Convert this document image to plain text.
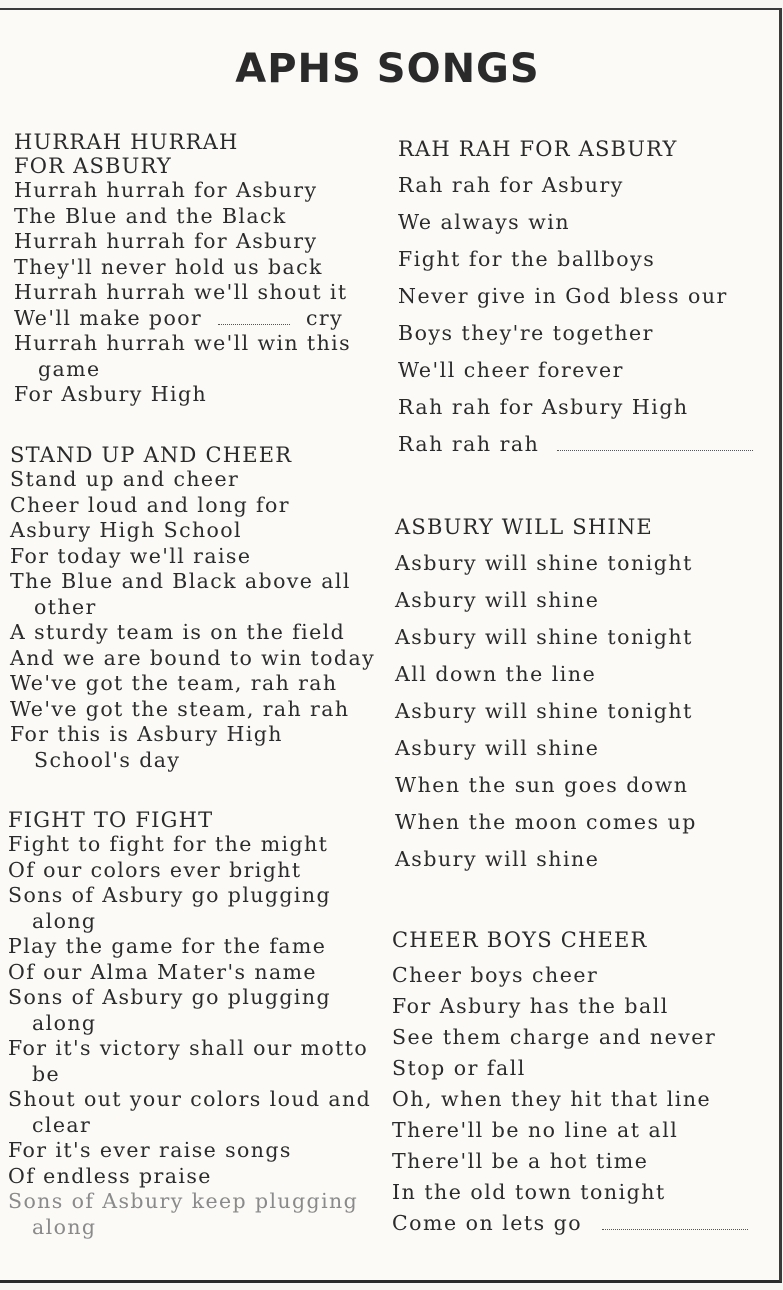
APHS SONGS
HURRAH HURRAH
FOR ASBURY
Hurrah hurrah for Asbury
The Blue and the Black
Hurrah hurrah for Asbury
They'll never hold us back
Hurrah hurrah we'll shout it
We'll make poor	cry
Hurrah hurrah we'll win this
game
For Asbury High
STAND UP AND CHEER
Stand up and cheer
Cheer loud and long for
Asbury High School
For today we'll raise
The Blue and Black above all
other
A sturdy team is on the field
And we are bound to win today
We've got the team, rah rah
We've got the steam, rah rah
For this is Asbury High
School's day
FIGHT TO FIGHT
Fight to fight for the might
Of our colors ever bright
Sons of Asbury go plugging
along
Play the game for the fame
Of our Alma Mater's name
Sons of Asbury go plugging
along
For it's victory shall our motto
be
Shout out your colors loud and
clear
For it's ever raise songs
Of endless praise
Sons of Asbury keep plugging
along
RAH RAH FOR ASBURY
Rah rah for Asbury
We always win
Fight for the ballboys
Never give in God bless our
Boys they're together
We'll cheer forever
Rah rah for Asbury High
Rah rah rah
ASBURY WILL SHINE
Asbury will shine tonight
Asbury will shine
Asbury will shine tonight
All down the line
Asbury will shine tonight
Asbury will shine
When the sun goes down
When the moon comes up
Asbury will shine
CHEER BOYS CHEER
Cheer boys cheer
For Asbury has the ball
See them charge and never
Stop or fall
Oh, when they hit that line
There'll be no line at all
There'll be a hot time
In the old town tonight
Come on lets go
